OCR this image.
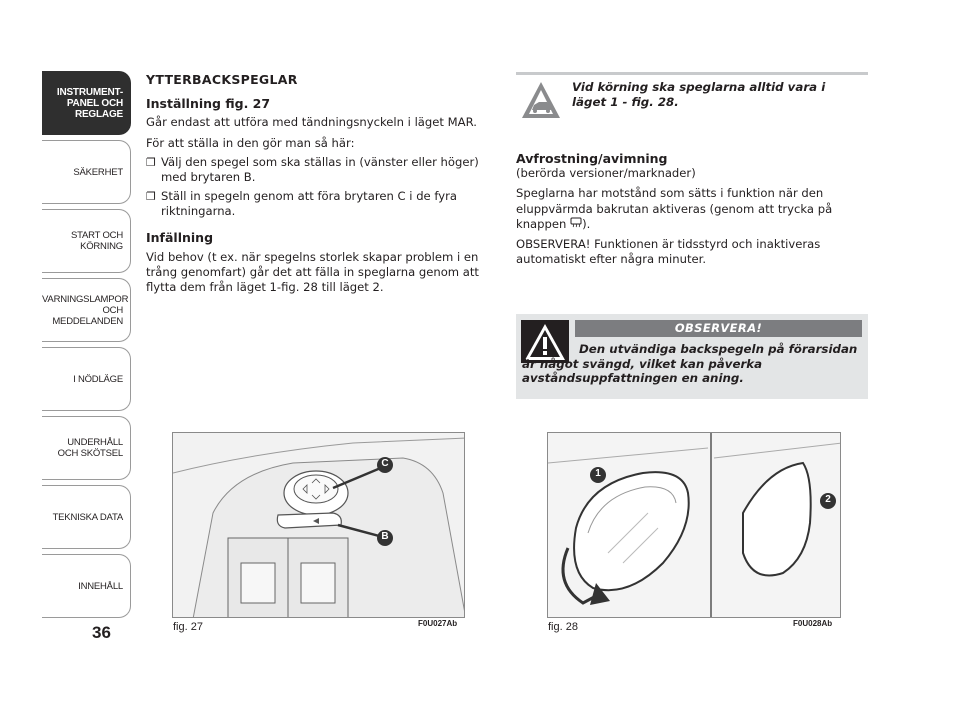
INSTRUMENT-
PANEL OCH
REGLAGE
SÄKERHET
START OCH
KÖRNING
VARNINGSLAMPOR
OCH
MEDDELANDEN
I NÖDLÄGE
UNDERHÅLL
OCH SKÖTSEL
TEKNISKA DATA
INNEHÅLL
36

YTTERBACKSPEGLAR

Inställning fig. 27

Går endast att utföra med tändningsnyckeln i läget MAR.

För att ställa in den gör man så här:

❐ Välj den spegel som ska ställas in (vänster eller höger) med brytaren B.
❐ Ställ in spegeln genom att föra brytaren C i de fyra riktningarna.

Infällning

Vid behov (t ex. när spegelns storlek skapar problem i en trång genomfart) går det att fälla in speglarna genom att flytta dem från läget 1-fig. 28 till läget 2.

Vid körning ska speglarna alltid vara i läget 1 - fig. 28.

Avfrostning/avimning

(berörda versioner/marknader)

Speglarna har motstånd som sätts i funktion när den eluppvärmda bakrutan aktiveras (genom att trycka på knappen ).

OBSERVERA! Funktionen är tidsstyrd och inaktiveras automatiskt efter några minuter.

OBSERVERA!
Den utvändiga backspegeln på förarsidan är något svängd, vilket kan påverka avståndsuppfattningen en aning.
C
B
fig. 27	F0U027Ab
1
2
fig. 28	F0U028Ab
